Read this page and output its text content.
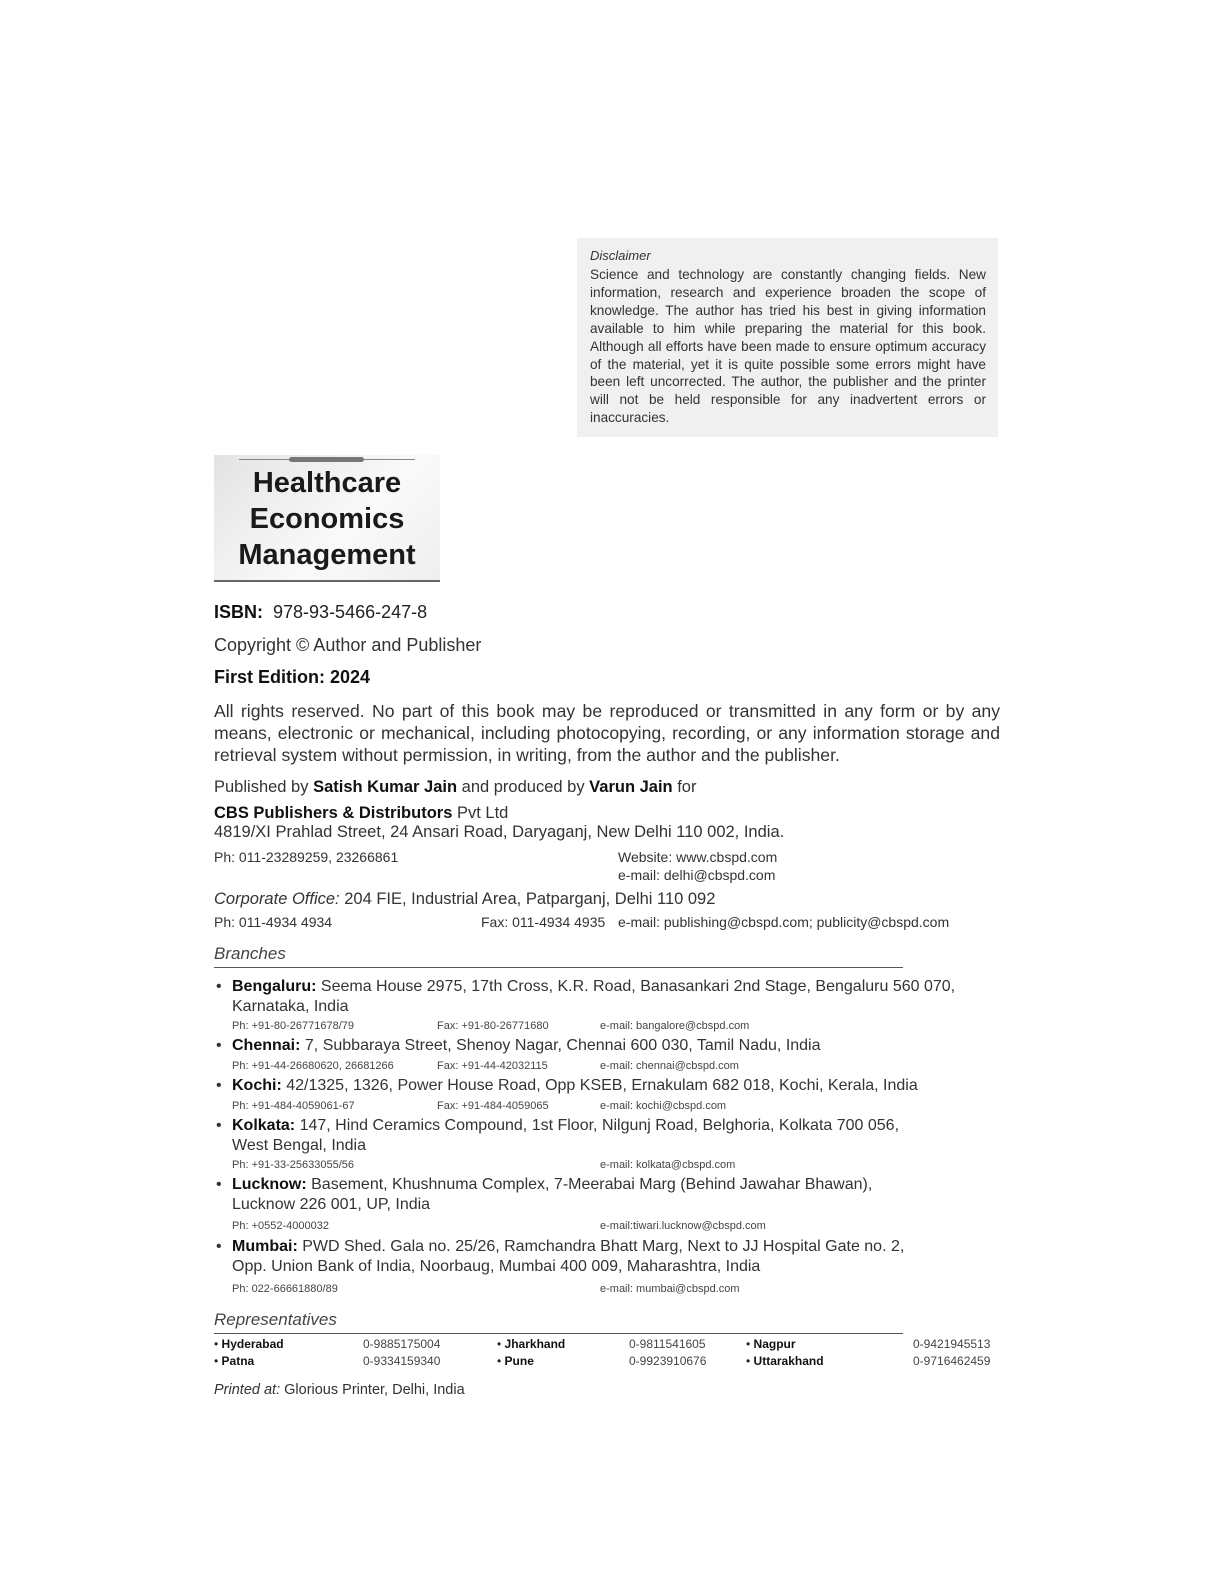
Disclaimer
Science and technology are constantly changing fields. New information, research and experience broaden the scope of knowledge. The author has tried his best in giving information available to him while preparing the material for this book. Although all efforts have been made to ensure optimum accuracy of the material, yet it is quite possible some errors might have been left uncorrected. The author, the publisher and the printer will not be held responsible for any inadvertent errors or inaccuracies.
Healthcare
Economics
Management
ISBN: 978-93-5466-247-8
Copyright © Author and Publisher
First Edition: 2024
All rights reserved. No part of this book may be reproduced or transmitted in any form or by any means, electronic or mechanical, including photocopying, recording, or any information storage and retrieval system without permission, in writing, from the author and the publisher.
Published by Satish Kumar Jain and produced by Varun Jain for
CBS Publishers & Distributors Pvt Ltd
4819/XI Prahlad Street, 24 Ansari Road, Daryaganj, New Delhi 110 002, India.
Ph: 011-23289259, 23266861	Website: www.cbspd.com
e-mail: delhi@cbspd.com
Corporate Office: 204 FIE, Industrial Area, Patparganj, Delhi 110 092
Ph: 011-4934 4934	Fax: 011-4934 4935 e-mail: publishing@cbspd.com; publicity@cbspd.com
Branches
Representatives
Printed at: Glorious Printer, Delhi, India
• Bengaluru: Seema House 2975, 17th Cross, K.R. Road, Banasankari 2nd Stage, Bengaluru 560 070,
Karnataka, India
Ph: +91-80-26771678/79	Fax: +91-80-26771680	e-mail: bangalore@cbspd.com
• Chennai: 7, Subbaraya Street, Shenoy Nagar, Chennai 600 030, Tamil Nadu, India
Ph: +91-44-26680620, 26681266	Fax: +91-44-42032115	e-mail: chennai@cbspd.com
• Kochi: 42/1325, 1326, Power House Road, Opp KSEB, Ernakulam 682 018, Kochi, Kerala, India
Ph: +91-484-4059061-67	Fax: +91-484-4059065	e-mail: kochi@cbspd.com
• Kolkata: 147, Hind Ceramics Compound, 1st Floor, Nilgunj Road, Belghoria, Kolkata 700 056,
West Bengal, India
Ph: +91-33-25633055/56	e-mail: kolkata@cbspd.com
• Lucknow: Basement, Khushnuma Complex, 7-Meerabai Marg (Behind Jawahar Bhawan),
Lucknow 226 001, UP, India
Ph: +0552-4000032	e-mail:tiwari.lucknow@cbspd.com
• Mumbai: PWD Shed. Gala no. 25/26, Ramchandra Bhatt Marg, Next to JJ Hospital Gate no. 2,
Opp. Union Bank of India, Noorbaug, Mumbai 400 009, Maharashtra, India
Ph: 022-66661880/89	e-mail: mumbai@cbspd.com
• Hyderabad	0-9885175004	• Jharkhand	0-9811541605	• Nagpur	0-9421945513
• Patna	0-9334159340	• Pune	0-9923910676	• Uttarakhand	0-9716462459
